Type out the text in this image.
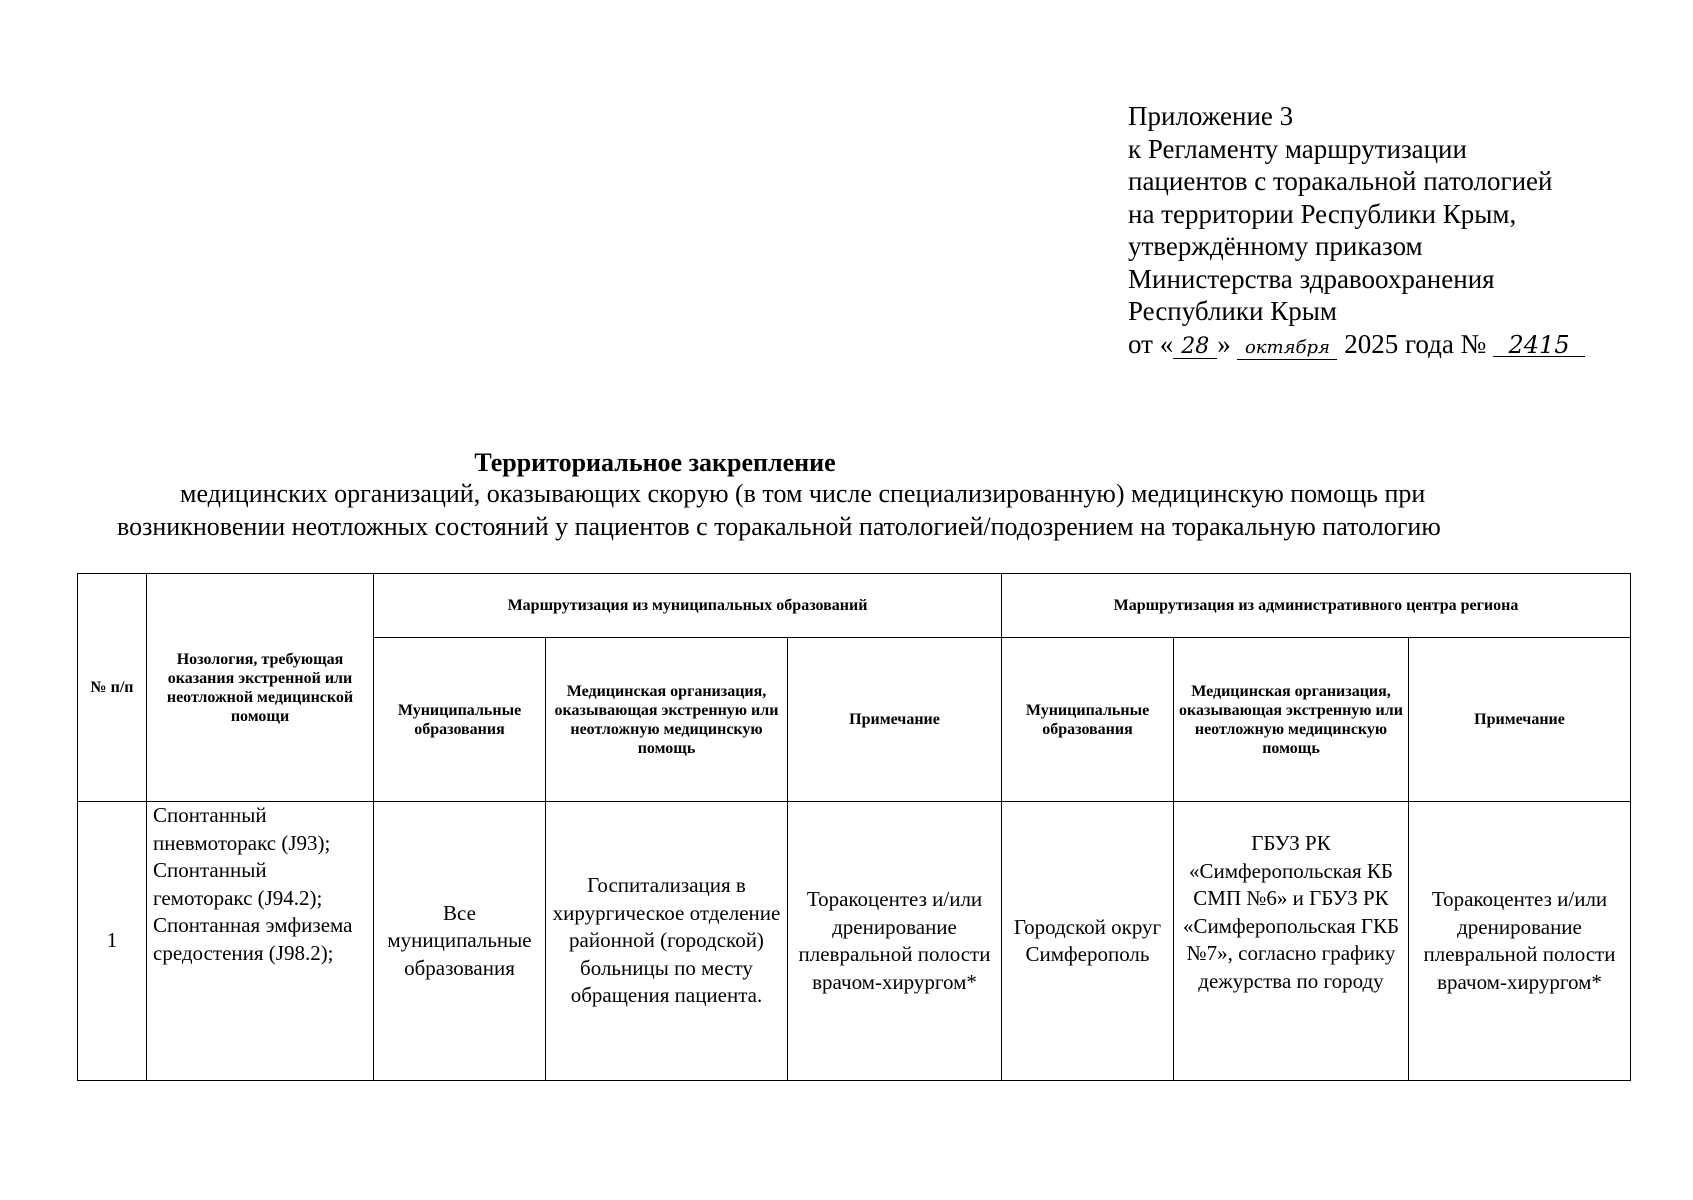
Приложение 3
к Регламенту маршрутизации
пациентов с торакальной патологией
на территории Республики Крым,
утверждённому приказом
Министерства здравоохранения
Республики Крым
от « 28 » октября 2025 года № 2415
Территориальное закрепление
медицинских организаций, оказывающих скорую (в том числе специализированную) медицинскую помощь при
возникновении неотложных состояний у пациентов с торакальной патологией/подозрением на торакальную патологию
№ п/п	Нозология, требующая оказания экстренной или неотложной медицинской помощи	Маршрутизация из муниципальных образований			Маршрутизация из административного центра региона		
		Муниципальные образования	Медицинская организация, оказывающая экстренную или неотложную медицинскую помощь	Примечание	Муниципальные образования	Медицинская организация, оказывающая экстренную или неотложную медицинскую помощь	Примечание
1	Спонтанный пневмоторакс (J93); Спонтанный гемоторакс (J94.2); Спонтанная эмфизема средостения (J98.2);	Все муниципальные образования	Госпитализация в хирургическое отделение районной (городской) больницы по месту обращения пациента.	Торакоцентез и/или дренирование плевральной полости врачом-хирургом*	Городской округ Симферополь	ГБУЗ РК «Симферопольская КБ СМП №6» и ГБУЗ РК «Симферопольская ГКБ №7», согласно графику дежурства по городу	Торакоцентез и/или дренирование плевральной полости врачом-хирургом*
